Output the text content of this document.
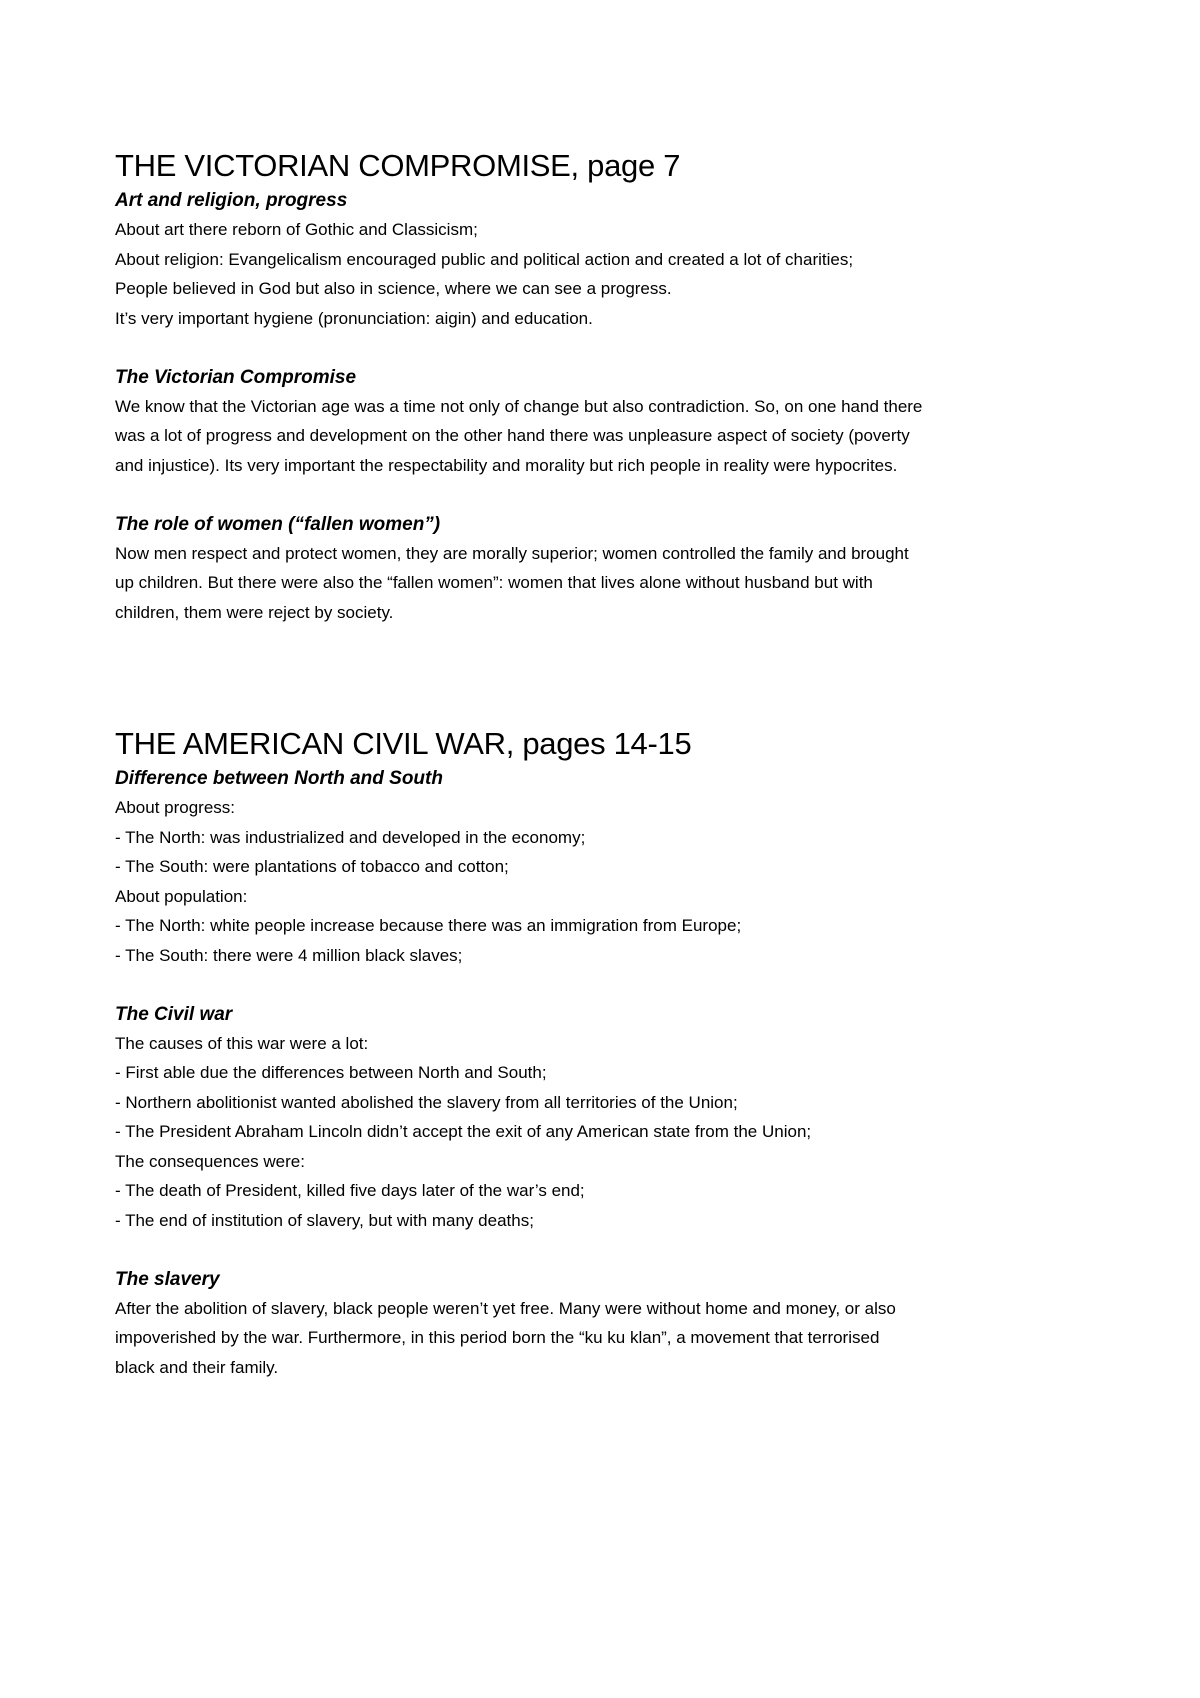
THE VICTORIAN COMPROMISE, page 7

Art and religion, progress

About art there reborn of Gothic and Classicism;

About religion: Evangelicalism encouraged public and political action and created a lot of charities;

People believed in God but also in science, where we can see a progress.

It’s very important hygiene (pronunciation: aigin) and education.

The Victorian Compromise

We know that the Victorian age was a time not only of change but also contradiction. So, on one hand there

was a lot of progress and development on the other hand there was unpleasure aspect of society (poverty

and injustice). Its very important the respectability and morality but rich people in reality were hypocrites.

The role of women (“fallen women”)

Now men respect and protect women, they are morally superior; women controlled the family and brought

up children. But there were also the “fallen women”: women that lives alone without husband but with

children, them were reject by society.

THE AMERICAN CIVIL WAR, pages 14-15

Difference between North and South

About progress:

- The North: was industrialized and developed in the economy;

- The South: were plantations of tobacco and cotton;

About population:

- The North: white people increase because there was an immigration from Europe;

- The South: there were 4 million black slaves;

The Civil war

The causes of this war were a lot:

- First able due the differences between North and South;

- Northern abolitionist wanted abolished the slavery from all territories of the Union;

- The President Abraham Lincoln didn’t accept the exit of any American state from the Union;

The consequences were:

- The death of President, killed five days later of the war’s end;

- The end of institution of slavery, but with many deaths;

The slavery

After the abolition of slavery, black people weren’t yet free. Many were without home and money, or also

impoverished by the war. Furthermore, in this period born the “ku ku klan”, a movement that terrorised

black and their family.
